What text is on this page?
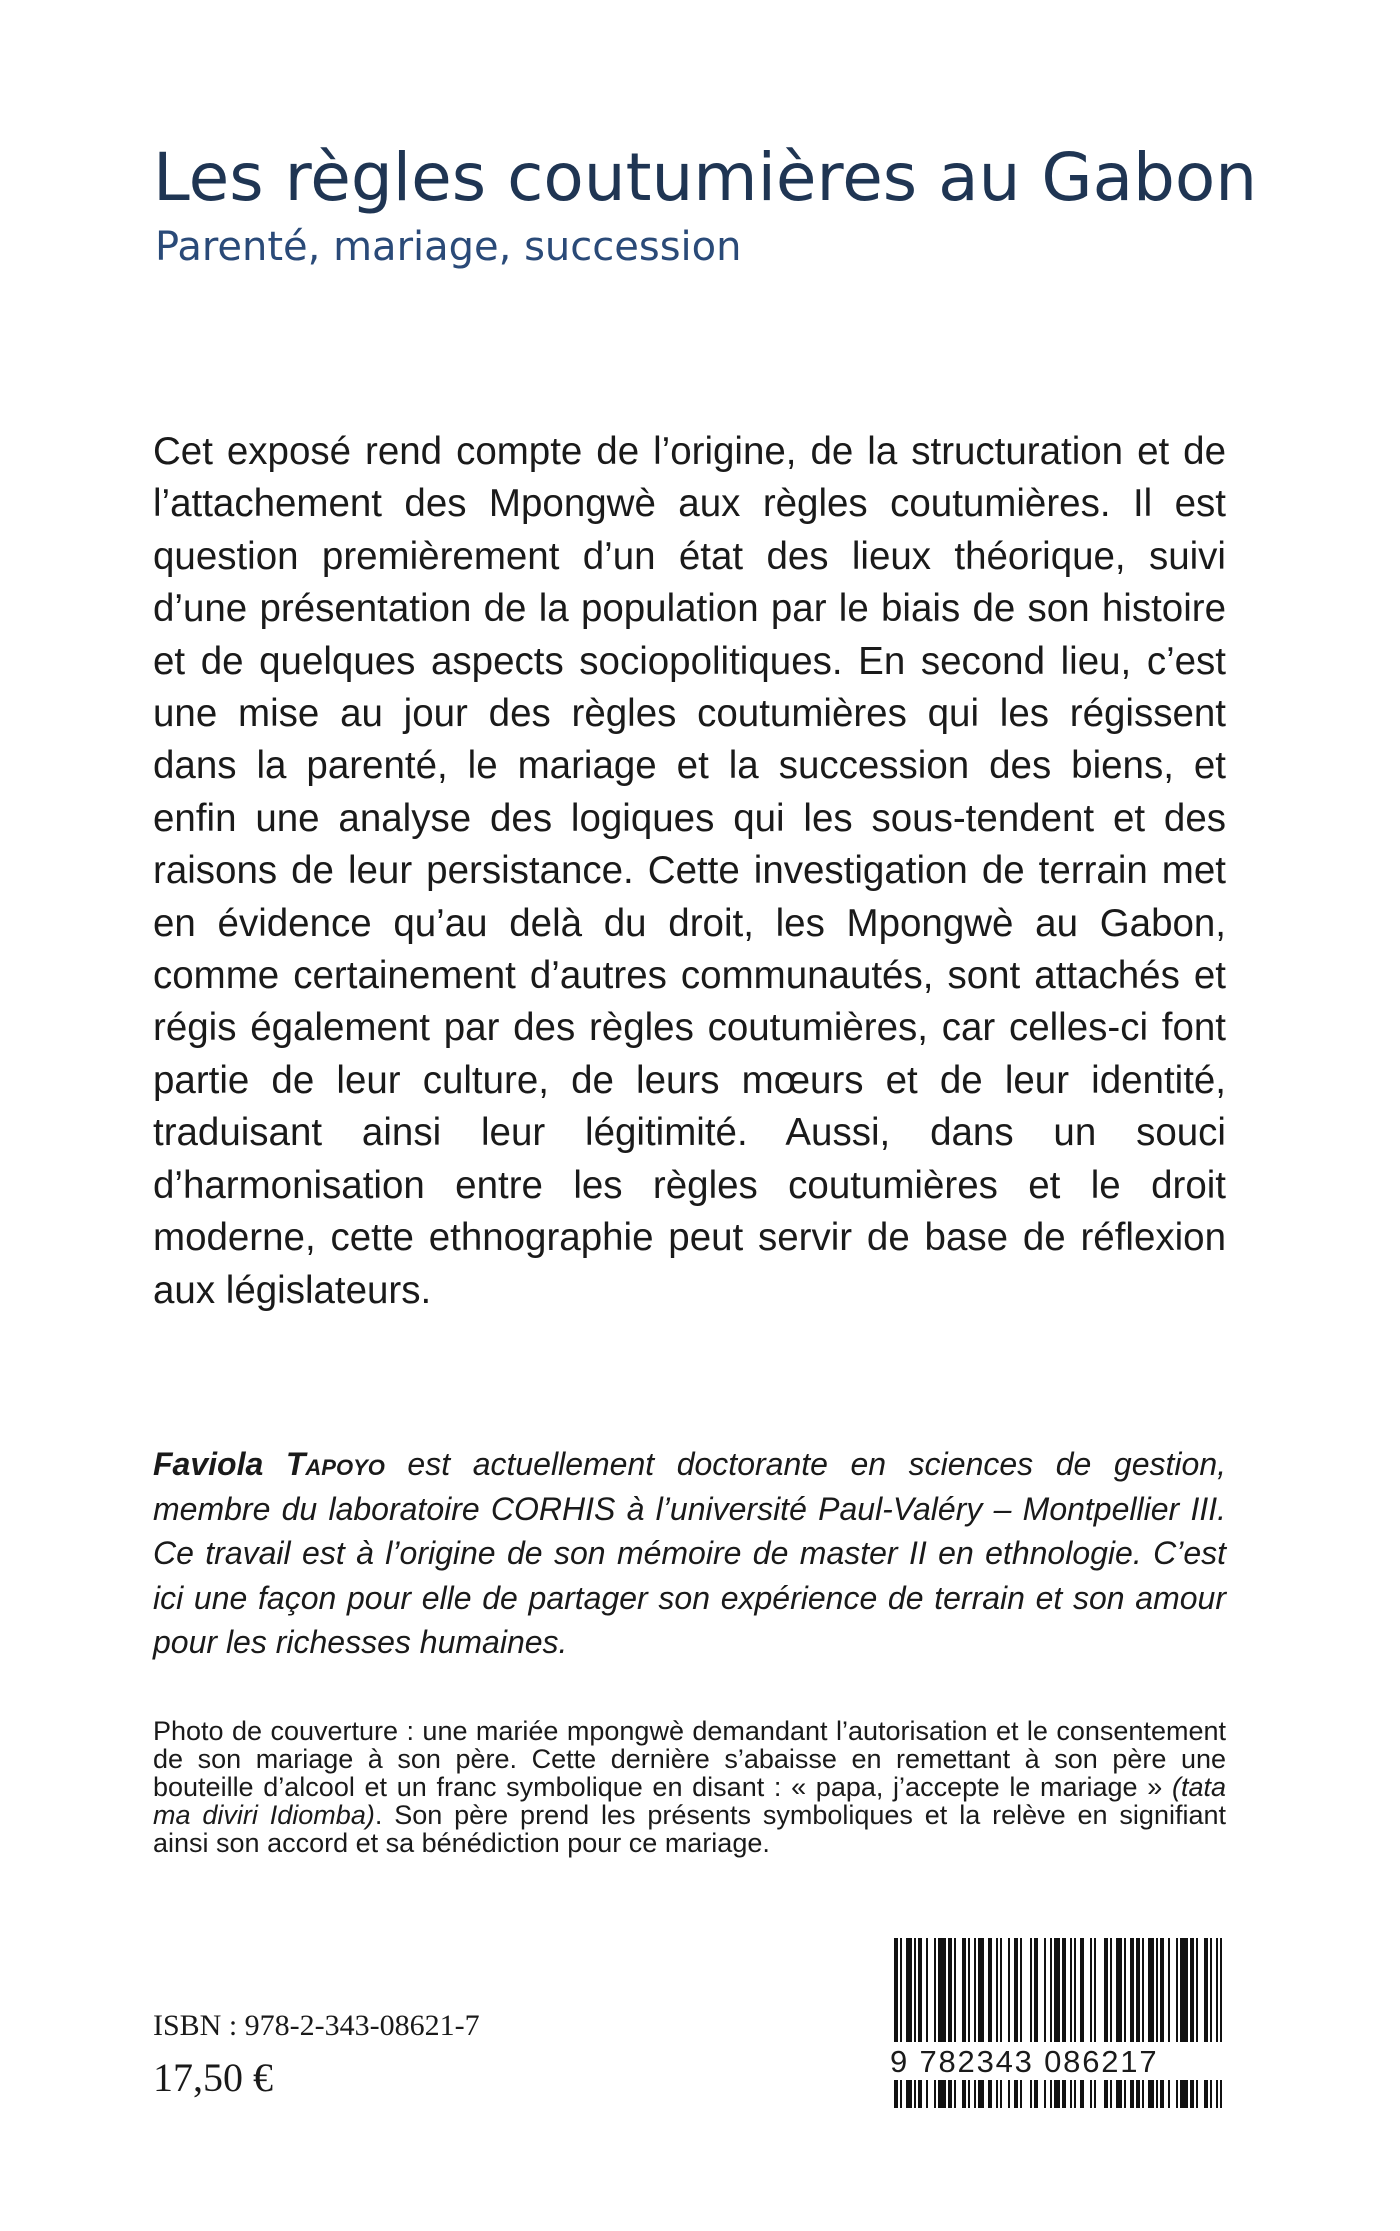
Les règles coutumières au Gabon
Parenté, mariage, succession

Cet exposé rend compte de l’origine, de la structuration et de l’attachement des Mpongwè aux règles coutumières. Il est question premièrement d’un état des lieux théorique, suivi d’une présentation de la population par le biais de son histoire et de quelques aspects sociopolitiques. En second lieu, c’est une mise au jour des règles coutumières qui les régissent dans la parenté, le mariage et la succession des biens, et enfin une analyse des logiques qui les sous-tendent et des raisons de leur persistance. Cette investigation de terrain met en évidence qu’au delà du droit, les Mpongwè au Gabon, comme certainement d’autres communautés, sont attachés et régis également par des règles coutumières, car celles-ci font partie de leur culture, de leurs mœurs et de leur identité, traduisant ainsi leur légitimité. Aussi, dans un souci d’harmonisation entre les règles coutumières et le droit moderne, cette ethnographie peut servir de base de réflexion aux législateurs.

Faviola Tapoyo est actuellement doctorante en sciences de gestion, membre du laboratoire CORHIS à l’université Paul-Valéry – Montpellier III. Ce travail est à l’origine de son mémoire de master II en ethnologie. C’est ici une façon pour elle de partager son expérience de terrain et son amour pour les richesses humaines.

Photo de couverture : une mariée mpongwè demandant l’autorisation et le consentement de son mariage à son père. Cette dernière s’abaisse en remettant à son père une bouteille d’alcool et un franc symbolique en disant : « papa, j’accepte le mariage » (tata ma diviri Idiomba). Son père prend les présents symboliques et la relève en signifiant ainsi son accord et sa bénédiction pour ce mariage.

ISBN : 978-2-343-08621-7
17,50 €	9 782343 086217
